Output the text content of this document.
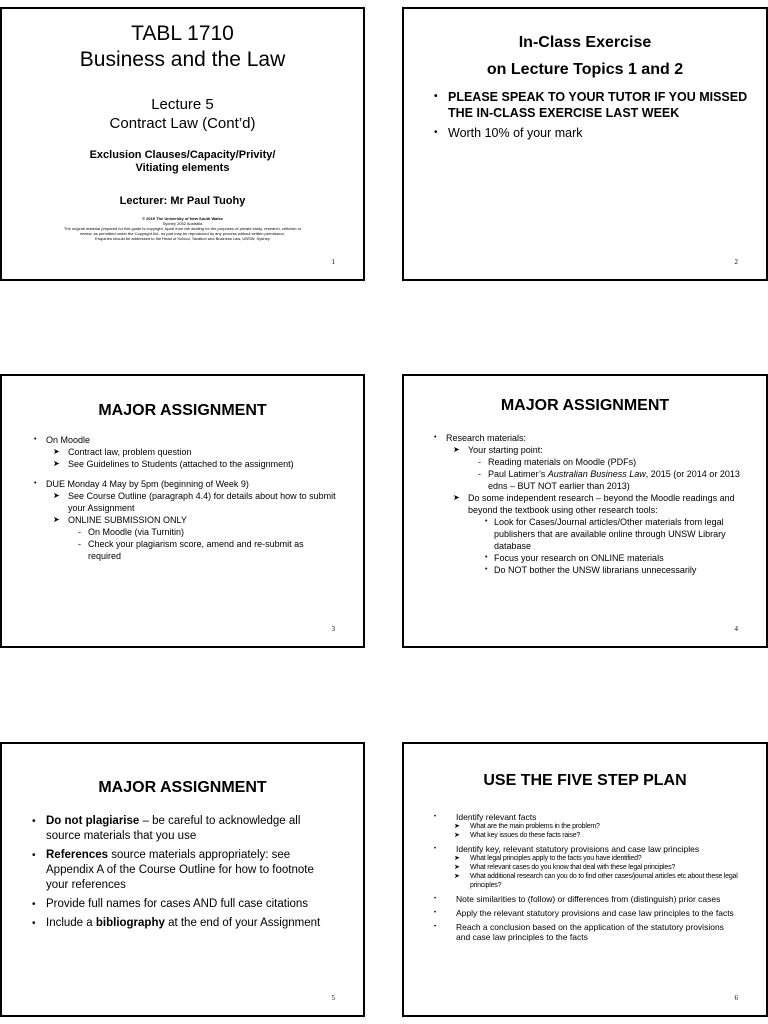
TABL 1710
Business and the Law
Lecture 5
Contract Law (Cont’d)
Exclusion Clauses/Capacity/Privity/
Vitiating elements
Lecturer: Mr Paul Tuohy
© 2015 The University of New South Wales
Sydney 2052 Australia
The original material prepared for this guide is copyright. Apart from fair dealing for the purposes of private study, research, criticism or
review, as permitted under the Copyright Act, no part may be reproduced by any process without written permission.
Enquiries should be addressed to the Head of School, Taxation and Business Law, UNSW, Sydney
1
In-Class Exercise
on Lecture Topics 1 and 2
• PLEASE SPEAK TO YOUR TUTOR IF YOU MISSED THE IN-CLASS EXERCISE LAST WEEK
• Worth 10% of your mark
2
MAJOR ASSIGNMENT
• On Moodle
➤ Contract law, problem question
➤ See Guidelines to Students (attached to the assignment)
• DUE Monday 4 May by 5pm (beginning of Week 9)
➤ See Course Outline (paragraph 4.4) for details about how to submit your Assignment
➤ ONLINE SUBMISSION ONLY
- On Moodle (via Turnitin)
- Check your plagiarism score, amend and re-submit as required
3
MAJOR ASSIGNMENT
• Research materials:
➤ Your starting point:
- Reading materials on Moodle (PDFs)
- Paul Latimer’s Australian Business Law, 2015 (or 2014 or 2013 edns – BUT NOT earlier than 2013)
➤ Do some independent research – beyond the Moodle readings and beyond the textbook using other research tools:
• Look for Cases/Journal articles/Other materials from legal publishers that are available online through UNSW Library database
• Focus your research on ONLINE materials
• Do NOT bother the UNSW librarians unnecessarily
4
MAJOR ASSIGNMENT
• Do not plagiarise – be careful to acknowledge all source materials that you use
• References source materials appropriately: see Appendix A of the Course Outline for how to footnote your references
• Provide full names for cases AND full case citations
• Include a bibliography at the end of your Assignment
5
USE THE FIVE STEP PLAN
• Identify relevant facts
➤ What are the main problems in the problem?
➤ What key issues do these facts raise?
• Identify key, relevant statutory provisions and case law principles
➤ What legal principles apply to the facts you have identified?
➤ What relevant cases do you know that deal with these legal principles?
➤ What additional research can you do to find other cases/journal articles etc about these legal principles?
• Note similarities to (follow) or differences from (distinguish) prior cases
• Apply the relevant statutory provisions and case law principles to the facts
• Reach a conclusion based on the application of the statutory provisions and case law principles to the facts
6
